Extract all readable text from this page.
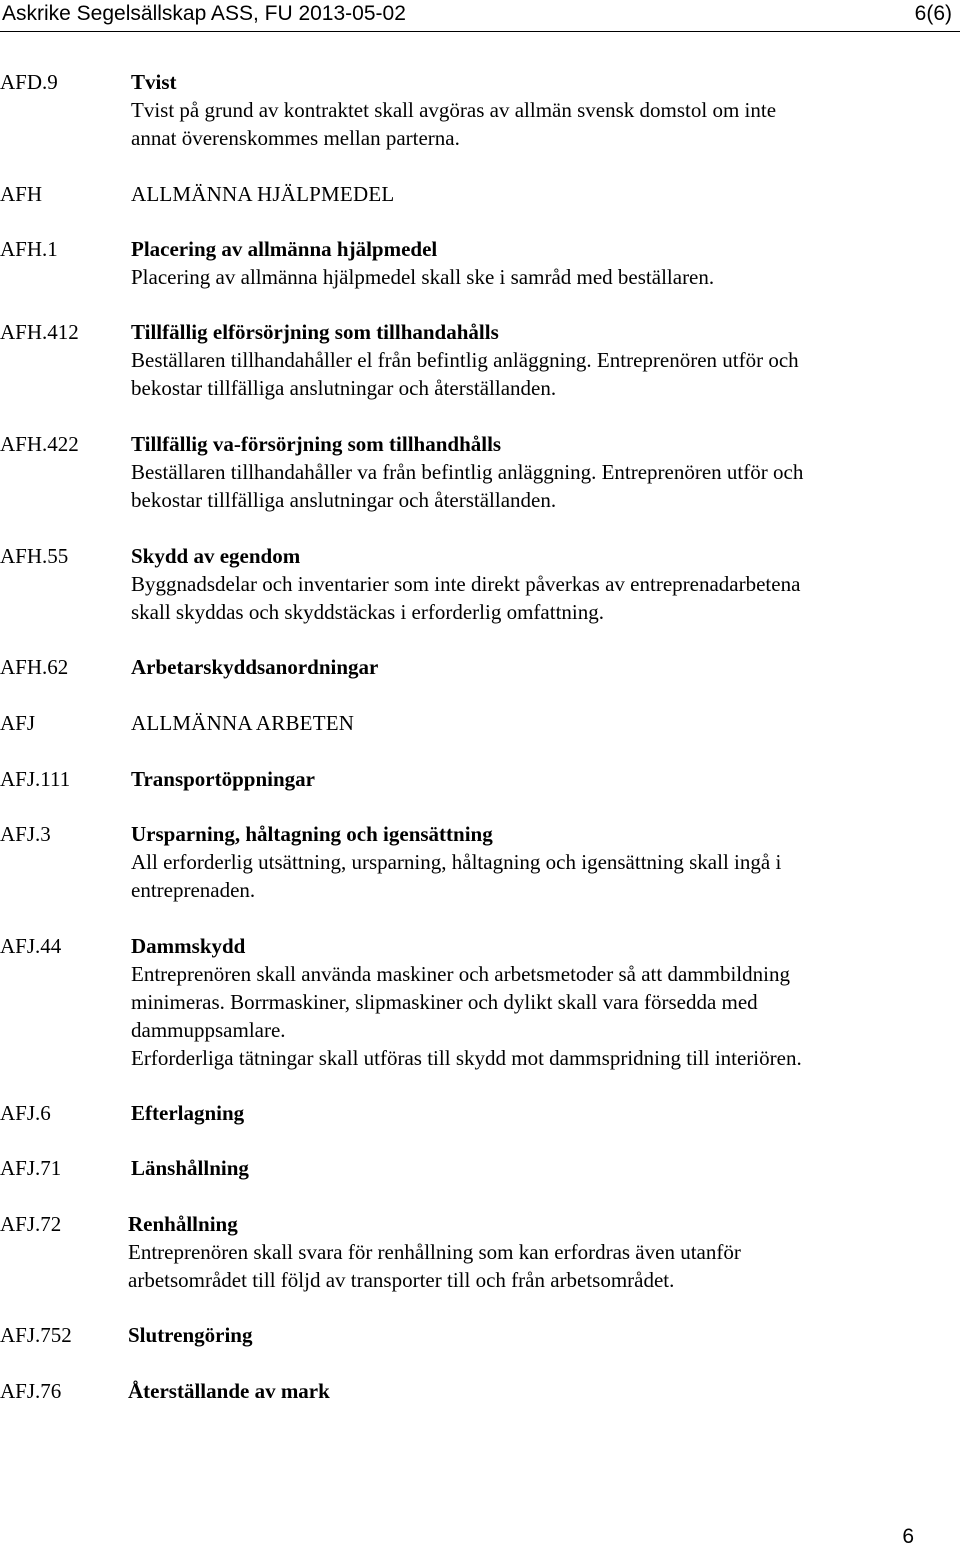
Askrike Segelsällskap ASS, FU 2013-05-02	6(6)
AFD.9
AFH
AFH.1
AFH.412
AFH.422
AFH.55
AFH.62
AFJ
AFJ.111
AFJ.3
AFJ.44
AFJ.6
AFJ.71
AFJ.72
AFJ.752
AFJ.76

Tvist

Tvist på grund av kontraktet skall avgöras av allmän svensk domstol om inte

annat överenskommes mellan parterna.

ALLMÄNNA HJÄLPMEDEL

Placering av allmänna hjälpmedel

Placering av allmänna hjälpmedel skall ske i samråd med beställaren.

Tillfällig elförsörjning som tillhandahålls

Beställaren tillhandahåller el från befintlig anläggning. Entreprenören utför och

bekostar tillfälliga anslutningar och återställanden.

Tillfällig va-försörjning som tillhandhålls

Beställaren tillhandahåller va från befintlig anläggning. Entreprenören utför och

bekostar tillfälliga anslutningar och återställanden.

Skydd av egendom

Byggnadsdelar och inventarier som inte direkt påverkas av entreprenadarbetena

skall skyddas och skyddstäckas i erforderlig omfattning.

Arbetarskyddsanordningar

ALLMÄNNA ARBETEN

Transportöppningar

Ursparning, håltagning och igensättning

All erforderlig utsättning, ursparning, håltagning och igensättning skall ingå i

entreprenaden.

Dammskydd

Entreprenören skall använda maskiner och arbetsmetoder så att dammbildning

minimeras. Borrmaskiner, slipmaskiner och dylikt skall vara försedda med

dammuppsamlare.

Erforderliga tätningar skall utföras till skydd mot dammspridning till interiören.

Efterlagning

Länshållning

Renhållning

Entreprenören skall svara för renhållning som kan erfordras även utanför

arbetsområdet till följd av transporter till och från arbetsområdet.

Slutrengöring

Återställande av mark

6
